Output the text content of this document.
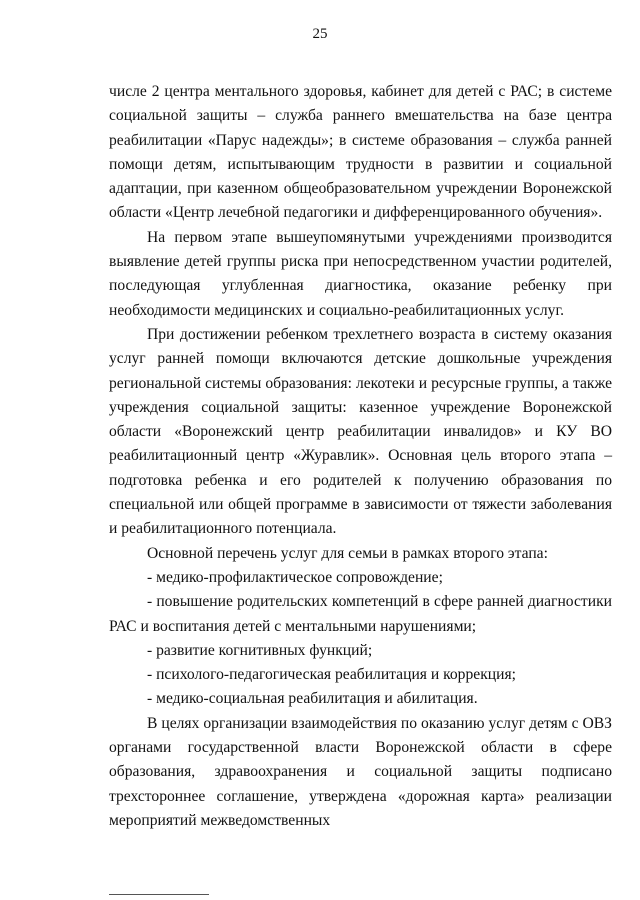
25

числе 2 центра ментального здоровья, кабинет для детей с РАС; в системе социальной защиты – служба раннего вмешательства на базе центра реабилитации «Парус надежды»; в системе образования – служба ранней помощи детям, испытывающим трудности в развитии и социальной адаптации, при казенном общеобразовательном учреждении Воронежской области «Центр лечебной педагогики и дифференцированного обучения».

На первом этапе вышеупомянутыми учреждениями производится выявление детей группы риска при непосредственном участии родителей, последующая углубленная диагностика, оказание ребенку при необходимости медицинских и социально-реабилитационных услуг.

При достижении ребенком трехлетнего возраста в систему оказания услуг ранней помощи включаются детские дошкольные учреждения региональной системы образования: лекотеки и ресурсные группы, а также учреждения социальной защиты: казенное учреждение Воронежской области «Воронежский центр реабилитации инвалидов» и КУ ВО реабилитационный центр «Журавлик». Основная цель второго этапа – подготовка ребенка и его родителей к получению образования по специальной или общей программе в зависимости от тяжести заболевания и реабилитационного потенциала.

Основной перечень услуг для семьи в рамках второго этапа:

- медико-профилактическое сопровождение;

- повышение родительских компетенций в сфере ранней диагностики РАС и воспитания детей с ментальными нарушениями;

- развитие когнитивных функций;

- психолого-педагогическая реабилитация и коррекция;

- медико-социальная реабилитация и абилитация.

В целях организации взаимодействия по оказанию услуг детям с ОВЗ органами государственной власти Воронежской области в сфере образования, здравоохранения и социальной защиты подписано трехстороннее соглашение, утверждена «дорожная карта» реализации мероприятий межведомственных
